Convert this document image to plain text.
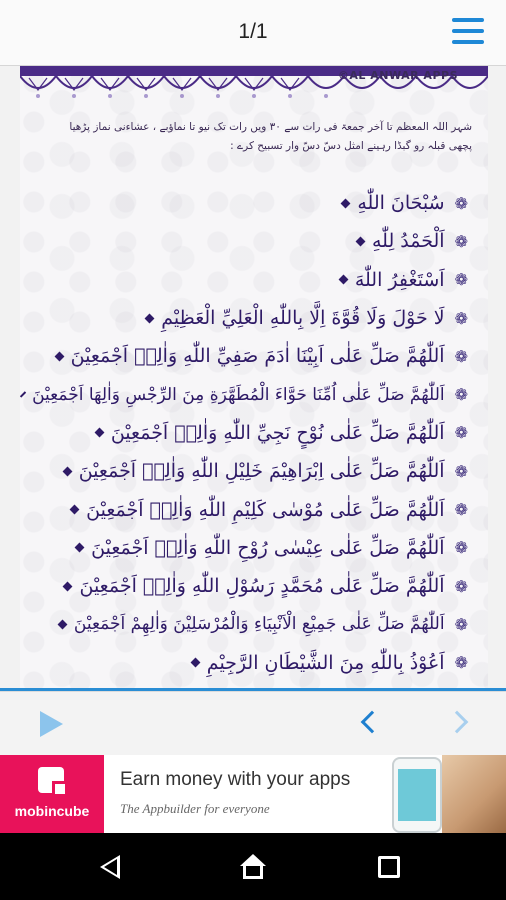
1/1
©AL ANWAR APPS
شہر اللہ المعظم تا آخر جمعۃ فی رات سے ۳۰ ویں رات تک نیو تا نماؤبے ، عشاءنی نماز پڑھیا
پچھی قبلہ رو گبڈا رہینے امثل دسّ دسّ وار تسبیح کرے :
❁
سُبْحَانَ اللّٰهِ
❁
اَلْحَمْدُ لِلّٰهِ
❁
اَسْتَغْفِرُ اللّٰهَ
❁
لَا حَوْلَ وَلَا قُوَّةَ اِلَّا بِاللّٰهِ الْعَلِيِّ الْعَظِيْمِ
❁
اَللّٰهُمَّ صَلِّ عَلٰى اَبِيْنَا اٰدَمَ صَفِيِّ اللّٰهِ وَاٰلِهٖ اَجْمَعِيْنَ
❁
اَللّٰهُمَّ صَلِّ عَلٰى اُمِّنَا حَوَّاءَ الْمُطَهَّرَةِ مِنَ الرِّجْسِ وَاٰلِهَا اَجْمَعِيْنَ
❁
اَللّٰهُمَّ صَلِّ عَلٰى نُوْحٍ نَجِيِّ اللّٰهِ وَاٰلِهٖ اَجْمَعِيْنَ
❁
اَللّٰهُمَّ صَلِّ عَلٰى اِبْرَاهِيْمَ خَلِيْلِ اللّٰهِ وَاٰلِهٖ اَجْمَعِيْنَ
❁
اَللّٰهُمَّ صَلِّ عَلٰى مُوْسٰى كَلِيْمِ اللّٰهِ وَاٰلِهٖ اَجْمَعِيْنَ
❁
اَللّٰهُمَّ صَلِّ عَلٰى عِيْسٰى رُوْحِ اللّٰهِ وَاٰلِهٖ اَجْمَعِيْنَ
❁
اَللّٰهُمَّ صَلِّ عَلٰى مُحَمَّدٍ رَسُوْلِ اللّٰهِ وَاٰلِهٖ اَجْمَعِيْنَ
❁
اَللّٰهُمَّ صَلِّ عَلٰى جَمِيْعِ الْاَنْبِيَاءِ وَالْمُرْسَلِيْنَ وَاٰلِهِمْ اَجْمَعِيْنَ
❁
اَعُوْذُ بِاللّٰهِ مِنَ الشَّيْطَانِ الرَّجِيْمِ
mobincube
Earn money with your apps
The Appbuilder for everyone
